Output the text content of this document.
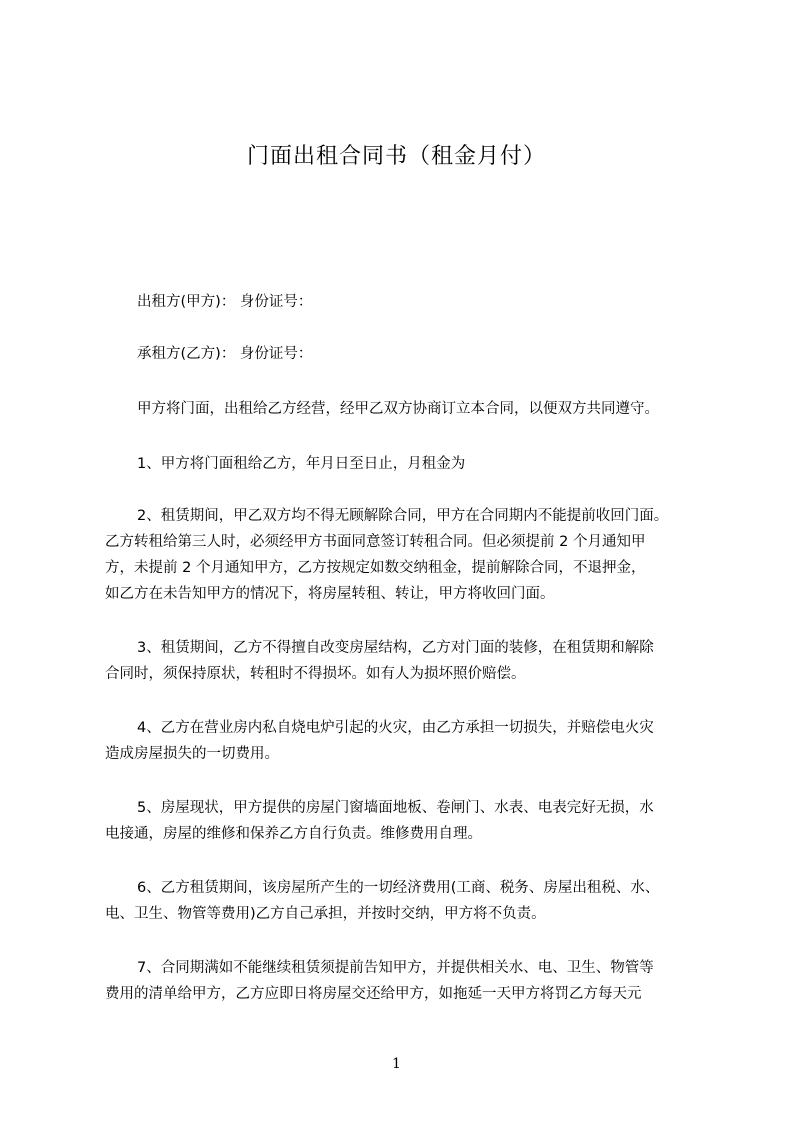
门面出租合同书（租金月付）
出租方(甲方)： 身份证号：
承租方(乙方)： 身份证号：
甲方将门面，出租给乙方经营，经甲乙双方协商订立本合同，以便双方共同遵守。
1、甲方将门面租给乙方，年月日至日止，月租金为
2、租赁期间，甲乙双方均不得无顾解除合同，甲方在合同期内不能提前收回门面。
乙方转租给第三人时，必须经甲方书面同意签订转租合同。但必须提前 2 个月通知甲
方，未提前 2 个月通知甲方，乙方按规定如数交纳租金，提前解除合同，不退押金，
如乙方在未告知甲方的情况下，将房屋转租、转让，甲方将收回门面。
3、租赁期间，乙方不得擅自改变房屋结构，乙方对门面的装修，在租赁期和解除
合同时，须保持原状，转租时不得损坏。如有人为损坏照价赔偿。
4、乙方在营业房内私自烧电炉引起的火灾，由乙方承担一切损失，并赔偿电火灾
造成房屋损失的一切费用。
5、房屋现状，甲方提供的房屋门窗墙面地板、卷闸门、水表、电表完好无损，水
电接通，房屋的维修和保养乙方自行负责。维修费用自理。
6、乙方租赁期间，该房屋所产生的一切经济费用(工商、税务、房屋出租税、水、
电、卫生、物管等费用)乙方自己承担，并按时交纳，甲方将不负责。
7、合同期满如不能继续租赁须提前告知甲方，并提供相关水、电、卫生、物管等
费用的清单给甲方，乙方应即日将房屋交还给甲方，如拖延一天甲方将罚乙方每天元
1
